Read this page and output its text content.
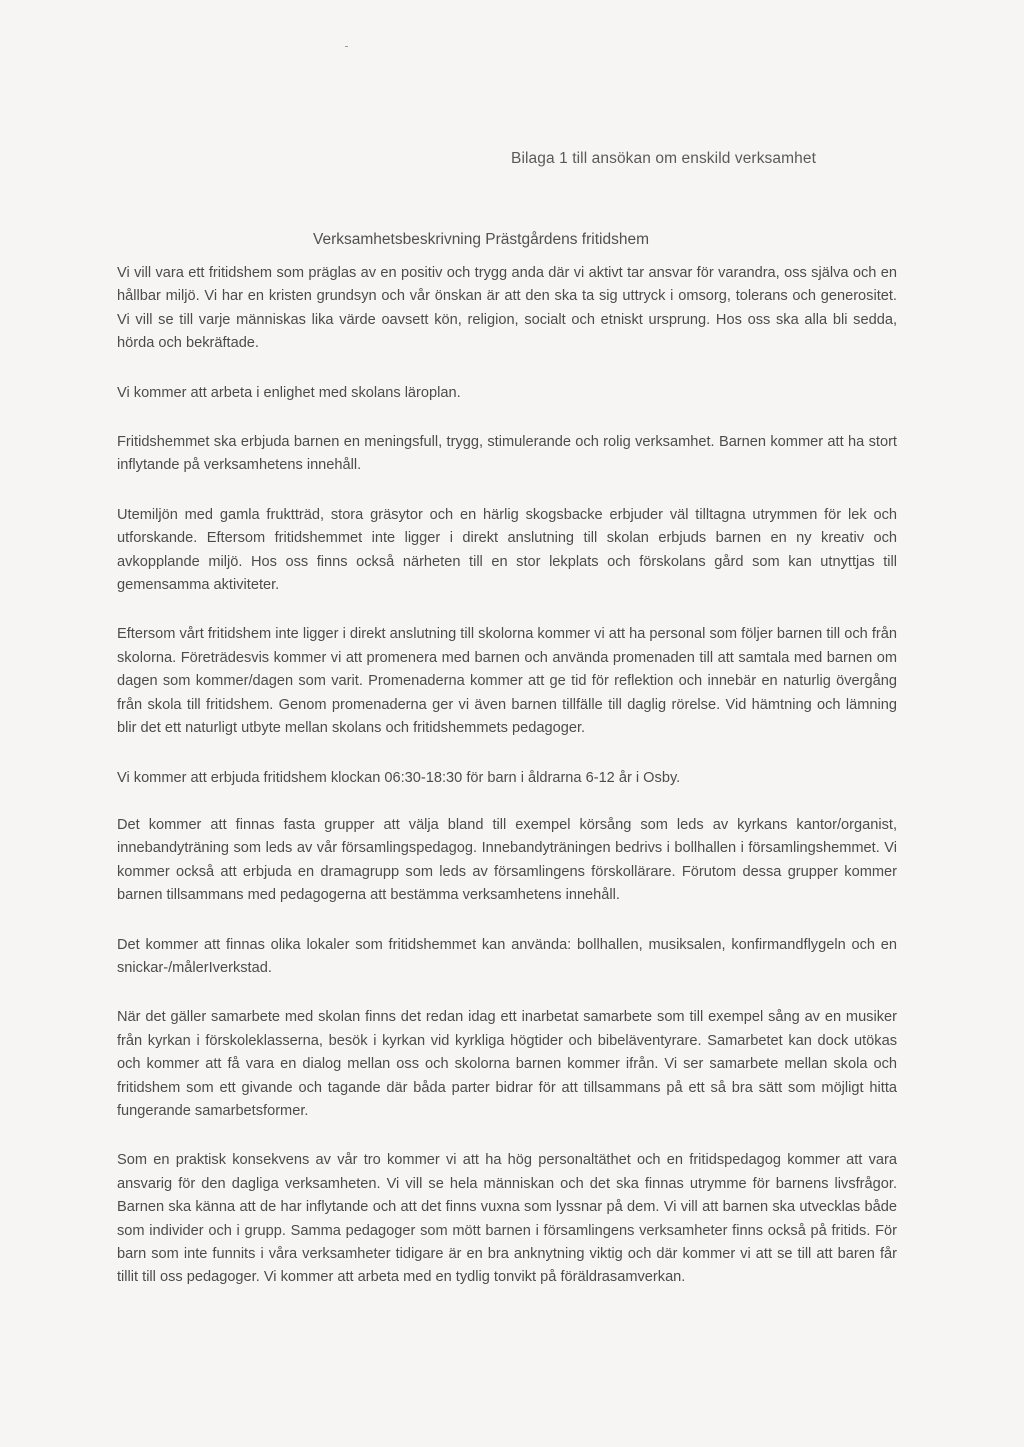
Bilaga 1 till ansökan om enskild verksamhet
Verksamhetsbeskrivning Prästgårdens fritidshem

Vi vill vara ett fritidshem som präglas av en positiv och trygg anda där vi aktivt tar ansvar för varandra, oss själva och en hållbar miljö. Vi har en kristen grundsyn och vår önskan är att den ska ta sig uttryck i omsorg, tolerans och generositet. Vi vill se till varje människas lika värde oavsett kön, religion, socialt och etniskt ursprung. Hos oss ska alla bli sedda, hörda och bekräftade.

Vi kommer att arbeta i enlighet med skolans läroplan.

Fritidshemmet ska erbjuda barnen en meningsfull, trygg, stimulerande och rolig verksamhet. Barnen kommer att ha stort inflytande på verksamhetens innehåll.

Utemiljön med gamla fruktträd, stora gräsytor och en härlig skogsbacke erbjuder väl tilltagna utrymmen för lek och utforskande. Eftersom fritidshemmet inte ligger i direkt anslutning till skolan erbjuds barnen en ny kreativ och avkopplande miljö. Hos oss finns också närheten till en stor lekplats och förskolans gård som kan utnyttjas till gemensamma aktiviteter.

Eftersom vårt fritidshem inte ligger i direkt anslutning till skolorna kommer vi att ha personal som följer barnen till och från skolorna. Företrädesvis kommer vi att promenera med barnen och använda promenaden till att samtala med barnen om dagen som kommer/dagen som varit. Promenaderna kommer att ge tid för reflektion och innebär en naturlig övergång från skola till fritidshem. Genom promenaderna ger vi även barnen tillfälle till daglig rörelse. Vid hämtning och lämning blir det ett naturligt utbyte mellan skolans och fritidshemmets pedagoger.

Vi kommer att erbjuda fritidshem klockan 06:30-18:30 för barn i åldrarna 6-12 år i Osby.

Det kommer att finnas fasta grupper att välja bland till exempel körsång som leds av kyrkans kantor/organist, innebandyträning som leds av vår församlingspedagog. Innebandyträningen bedrivs i bollhallen i församlingshemmet. Vi kommer också att erbjuda en dramagrupp som leds av församlingens förskollärare. Förutom dessa grupper kommer barnen tillsammans med pedagogerna att bestämma verksamhetens innehåll.

Det kommer att finnas olika lokaler som fritidshemmet kan använda: bollhallen, musiksalen, konfirmandflygeln och en snickar-/målerIverkstad.

När det gäller samarbete med skolan finns det redan idag ett inarbetat samarbete som till exempel sång av en musiker från kyrkan i förskoleklasserna, besök i kyrkan vid kyrkliga högtider och bibeläventyrare. Samarbetet kan dock utökas och kommer att få vara en dialog mellan oss och skolorna barnen kommer ifrån. Vi ser samarbete mellan skola och fritidshem som ett givande och tagande där båda parter bidrar för att tillsammans på ett så bra sätt som möjligt hitta fungerande samarbetsformer.

Som en praktisk konsekvens av vår tro kommer vi att ha hög personaltäthet och en fritidspedagog kommer att vara ansvarig för den dagliga verksamheten. Vi vill se hela människan och det ska finnas utrymme för barnens livsfrågor. Barnen ska känna att de har inflytande och att det finns vuxna som lyssnar på dem. Vi vill att barnen ska utvecklas både som individer och i grupp. Samma pedagoger som mött barnen i församlingens verksamheter finns också på fritids. För barn som inte funnits i våra verksamheter tidigare är en bra anknytning viktig och där kommer vi att se till att baren får tillit till oss pedagoger. Vi kommer att arbeta med en tydlig tonvikt på föräldrasamverkan.
